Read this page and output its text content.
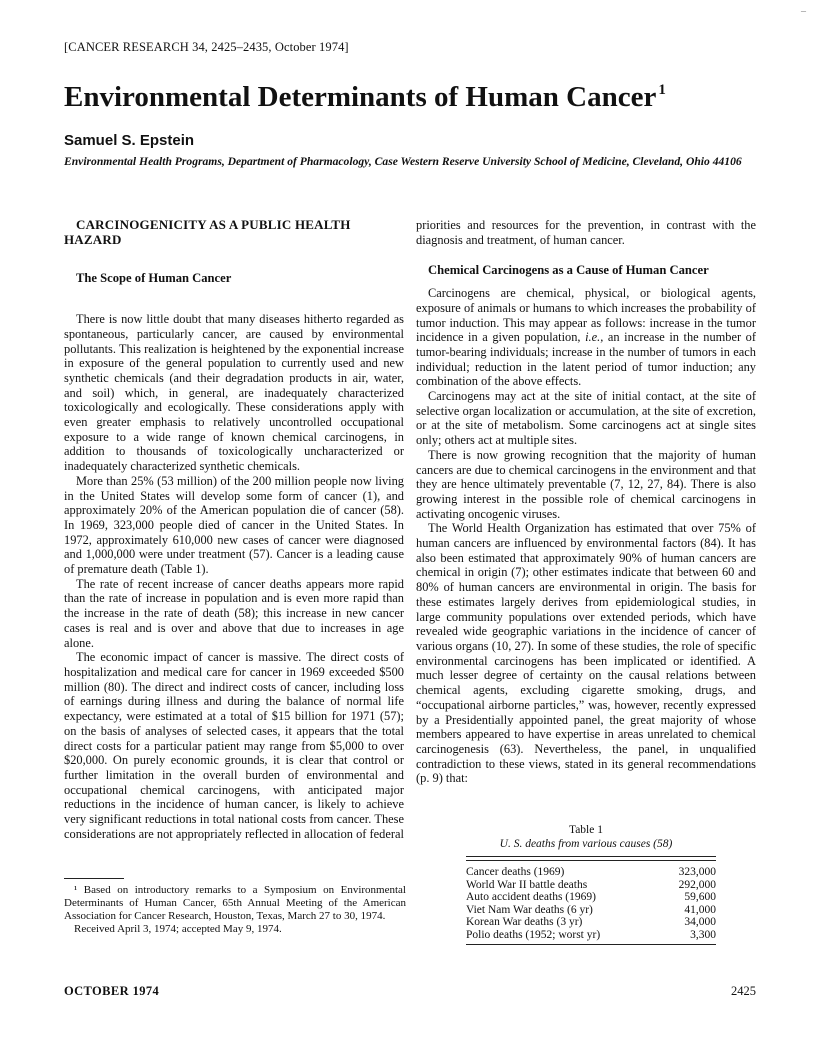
–
[CANCER RESEARCH 34, 2425–2435, October 1974]
Environmental Determinants of Human Cancer $^1$
Samuel S. Epstein
Environmental Health Programs, Department of Pharmacology, Case Western Reserve University School of Medicine, Cleveland, Ohio 44106

CARCINOGENICITY AS A PUBLIC HEALTH HAZARD

The Scope of Human Cancer

There is now little doubt that many diseases hitherto regarded as spontaneous, particularly cancer, are caused by environmental pollutants. This realization is heightened by the exponential increase in exposure of the general population to currently used and new synthetic chemicals (and their degradation products in air, water, and soil) which, in general, are inadequately characterized toxicologically and ecologically. These considerations apply with even greater emphasis to relatively uncontrolled occupational exposure to a wide range of known chemical carcinogens, in addition to thousands of toxicologically uncharacterized or inadequately characterized synthetic chemicals.

More than 25% (53 million) of the 200 million people now living in the United States will develop some form of cancer (1), and approximately 20% of the American population die of cancer (58). In 1969, 323,000 people died of cancer in the United States. In 1972, approximately 610,000 new cases of cancer were diagnosed and 1,000,000 were under treatment (57). Cancer is a leading cause of premature death (Table 1).

The rate of recent increase of cancer deaths appears more rapid than the rate of increase in population and is even more rapid than the increase in the rate of death (58); this increase in new cancer cases is real and is over and above that due to increases in age alone.

The economic impact of cancer is massive. The direct costs of hospitalization and medical care for cancer in 1969 exceeded $500 million (80). The direct and indirect costs of cancer, including loss of earnings during illness and during the balance of normal life expectancy, were estimated at a total of $15 billion for 1971 (57); on the basis of analyses of selected cases, it appears that the total direct costs for a particular patient may range from $5,000 to over $20,000. On purely economic grounds, it is clear that control or further limitation in the overall burden of environmental and occupational chemical carcinogens, with anticipated major reductions in the incidence of human cancer, is likely to achieve very significant reductions in total national costs from cancer. These considerations are not appropriately reflected in allocation of federal

priorities and resources for the prevention, in contrast with the diagnosis and treatment, of human cancer.

Chemical Carcinogens as a Cause of Human Cancer

Carcinogens are chemical, physical, or biological agents, exposure of animals or humans to which increases the probability of tumor induction. This may appear as follows: increase in the tumor incidence in a given population, i.e., an increase in the number of tumor-bearing individuals; increase in the number of tumors in each individual; reduction in the latent period of tumor induction; any combination of the above effects.

Carcinogens may act at the site of initial contact, at the site of selective organ localization or accumulation, at the site of excretion, or at the site of metabolism. Some carcinogens act at single sites only; others act at multiple sites.

There is now growing recognition that the majority of human cancers are due to chemical carcinogens in the environment and that they are hence ultimately preventable (7, 12, 27, 84). There is also growing interest in the possible role of chemical carcinogens in activating oncogenic viruses.

The World Health Organization has estimated that over 75% of human cancers are influenced by environmental factors (84). It has also been estimated that approximately 90% of human cancers are chemical in origin (7); other estimates indicate that between 60 and 80% of human cancers are environmental in origin. The basis for these estimates largely derives from epidemiological studies, in large community populations over extended periods, which have revealed wide geographic variations in the incidence of cancer of various organs (10, 27). In some of these studies, the role of specific environmental carcinogens has been implicated or identified. A much lesser degree of certainty on the causal relations between chemical agents, excluding cigarette smoking, drugs, and “occupational airborne particles,” was, however, recently expressed by a Presidentially appointed panel, the great majority of whose members appeared to have expertise in areas unrelated to chemical carcinogenesis (63). Nevertheless, the panel, in unqualified contradiction to these views, stated in its general recommendations (p. 9) that:

Table 1
U. S. deaths from various causes (58)
Cancer deaths (1969)	323,000
World War II battle deaths	292,000
Auto accident deaths (1969)	59,600
Viet Nam War deaths (6 yr)	41,000
Korean War deaths (3 yr)	34,000
Polio deaths (1952; worst yr)	3,300

¹ Based on introductory remarks to a Symposium on Environmental Determinants of Human Cancer, 65th Annual Meeting of the American Association for Cancer Research, Houston, Texas, March 27 to 30, 1974.

Received April 3, 1974; accepted May 9, 1974.

OCTOBER 1974	2425
